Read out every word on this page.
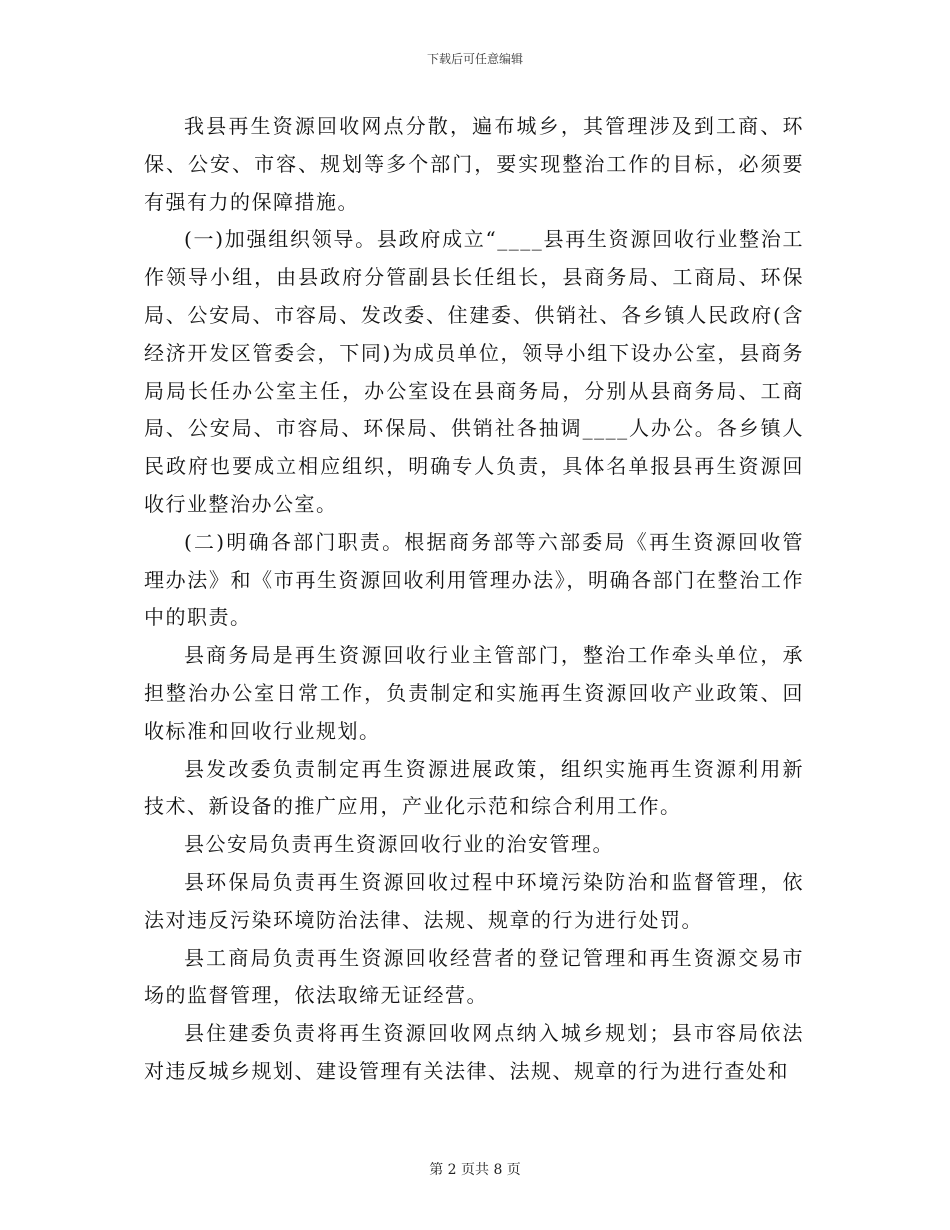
下载后可任意编辑

我县再生资源回收网点分散，遍布城乡，其管理涉及到工商、环保、公安、市容、规划等多个部门，要实现整治工作的目标，必须要有强有力的保障措施。

(一)加强组织领导。县政府成立“____县再生资源回收行业整治工作领导小组，由县政府分管副县长任组长，县商务局、工商局、环保局、公安局、市容局、发改委、住建委、供销社、各乡镇人民政府(含经济开发区管委会，下同)为成员单位，领导小组下设办公室，县商务局局长任办公室主任，办公室设在县商务局，分别从县商务局、工商局、公安局、市容局、环保局、供销社各抽调____人办公。各乡镇人民政府也要成立相应组织，明确专人负责，具体名单报县再生资源回收行业整治办公室。

(二)明确各部门职责。根据商务部等六部委局《再生资源回收管理办法》和《市再生资源回收利用管理办法》，明确各部门在整治工作中的职责。

县商务局是再生资源回收行业主管部门，整治工作牵头单位，承担整治办公室日常工作，负责制定和实施再生资源回收产业政策、回收标准和回收行业规划。

县发改委负责制定再生资源进展政策，组织实施再生资源利用新技术、新设备的推广应用，产业化示范和综合利用工作。

县公安局负责再生资源回收行业的治安管理。

县环保局负责再生资源回收过程中环境污染防治和监督管理，依法对违反污染环境防治法律、法规、规章的行为进行处罚。

县工商局负责再生资源回收经营者的登记管理和再生资源交易市场的监督管理，依法取缔无证经营。

县住建委负责将再生资源回收网点纳入城乡规划；县市容局依法对违反城乡规划、建设管理有关法律、法规、规章的行为进行查处和

第 2 页共 8 页
